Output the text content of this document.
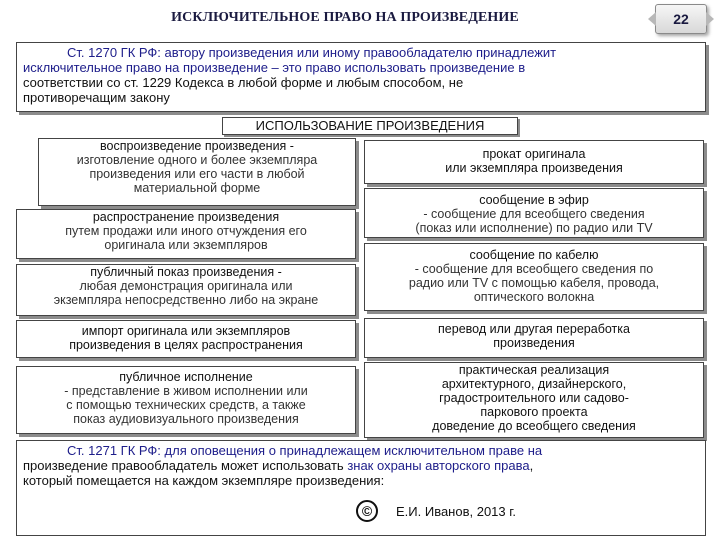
ИСКЛЮЧИТЕЛЬНОЕ ПРАВО НА ПРОИЗВЕДЕНИЕ	22
Ст. 1270 ГК РФ: автору произведения или иному правообладателю принадлежит
исключительное право на произведение – это право использовать произведение в
соответствии со ст. 1229 Кодекса в любой форме и любым способом, не
противоречащим закону
ИСПОЛЬЗОВАНИЕ ПРОИЗВЕДЕНИЯ
воспроизведение произведения -
изготовление одного и более экземпляра
произведения или его части в любой
материальной форме
распространение произведения
путем продажи или иного отчуждения его
оригинала или экземпляров
публичный показ произведения -
любая демонстрация оригинала или
экземпляра непосредственно либо на экране
импорт оригинала или экземпляров
произведения в целях распространения
публичное исполнение
- представление в живом исполнении или
с помощью технических средств, а также
показ аудиовизуального произведения
прокат оригинала
или экземпляра произведения
сообщение в эфир
- сообщение для всеобщего сведения
(показ или исполнение) по радио или TV
сообщение по кабелю
- сообщение для всеобщего сведения по
радио или TV с помощью кабеля, провода,
оптического волокна
перевод или другая переработка
произведения
практическая реализация
архитектурного, дизайнерского,
градостроительного или садово-
паркового проекта
доведение до всеобщего сведения
Ст. 1271 ГК РФ: для оповещения о принадлежащем исключительном праве на
произведение правообладатель может использовать знак охраны авторского права,
который помещается на каждом экземпляре произведения:
©	Е.И. Иванов, 2013 г.
